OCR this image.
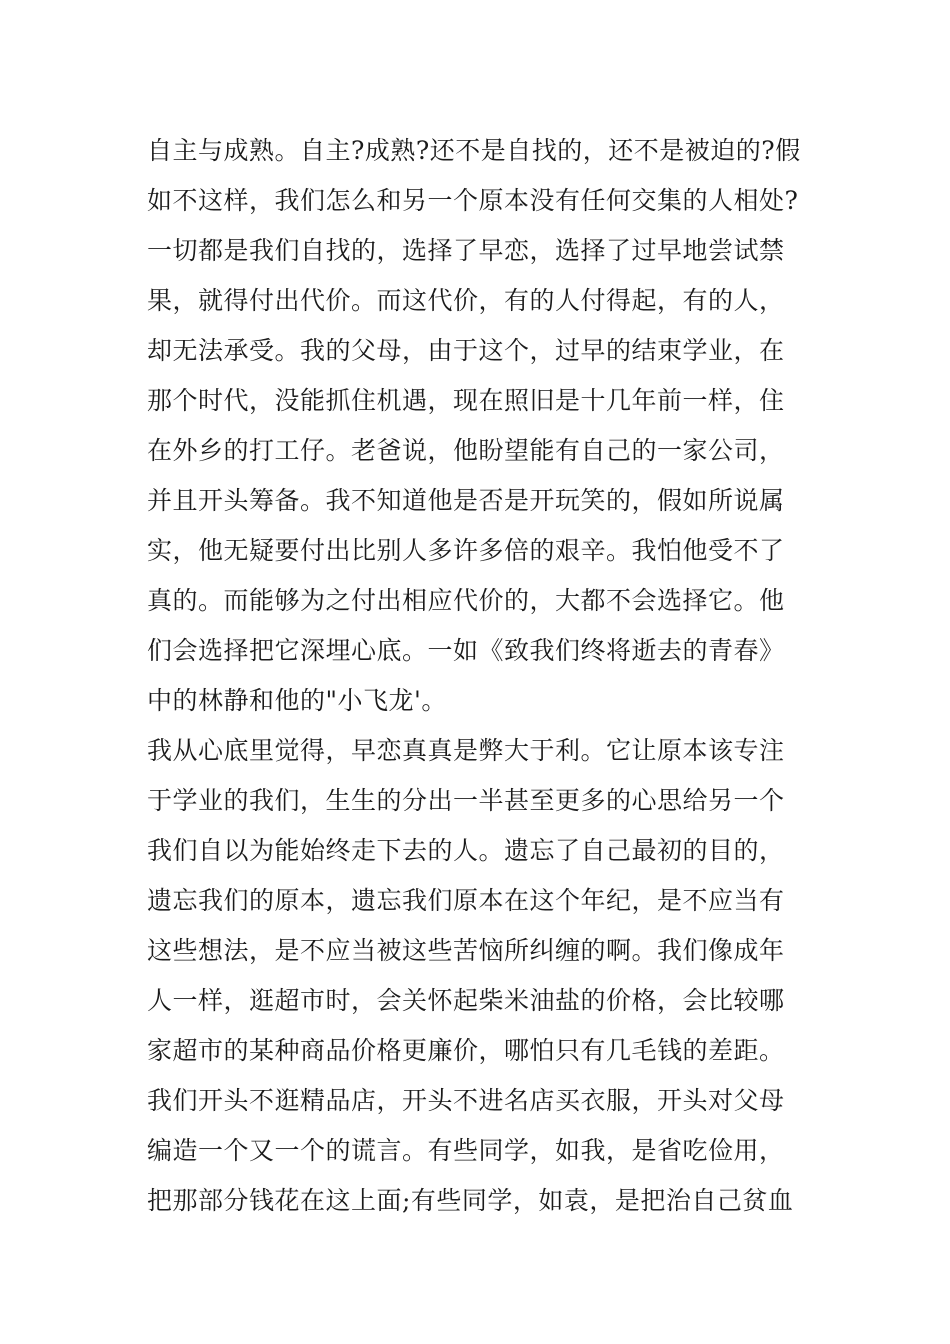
自主与成熟。自主?成熟?还不是自找的，还不是被迫的?假
如不这样，我们怎么和另一个原本没有任何交集的人相处?
一切都是我们自找的，选择了早恋，选择了过早地尝试禁
果，就得付出代价。而这代价，有的人付得起，有的人，
却无法承受。我的父母，由于这个，过早的结束学业，在
那个时代，没能抓住机遇，现在照旧是十几年前一样，住
在外乡的打工仔。老爸说，他盼望能有自己的一家公司，
并且开头筹备。我不知道他是否是开玩笑的，假如所说属
实，他无疑要付出比别人多许多倍的艰辛。我怕他受不了
真的。而能够为之付出相应代价的，大都不会选择它。他
们会选择把它深埋心底。一如《致我们终将逝去的青春》
中的林静和他的"小飞龙'。
我从心底里觉得，早恋真真是弊大于利。它让原本该专注
于学业的我们，生生的分出一半甚至更多的心思给另一个
我们自以为能始终走下去的人。遗忘了自己最初的目的，
遗忘我们的原本，遗忘我们原本在这个年纪，是不应当有
这些想法，是不应当被这些苦恼所纠缠的啊。我们像成年
人一样，逛超市时，会关怀起柴米油盐的价格，会比较哪
家超市的某种商品价格更廉价，哪怕只有几毛钱的差距。
我们开头不逛精品店，开头不进名店买衣服，开头对父母
编造一个又一个的谎言。有些同学，如我，是省吃俭用，
把那部分钱花在这上面;有些同学，如袁，是把治自己贫血
